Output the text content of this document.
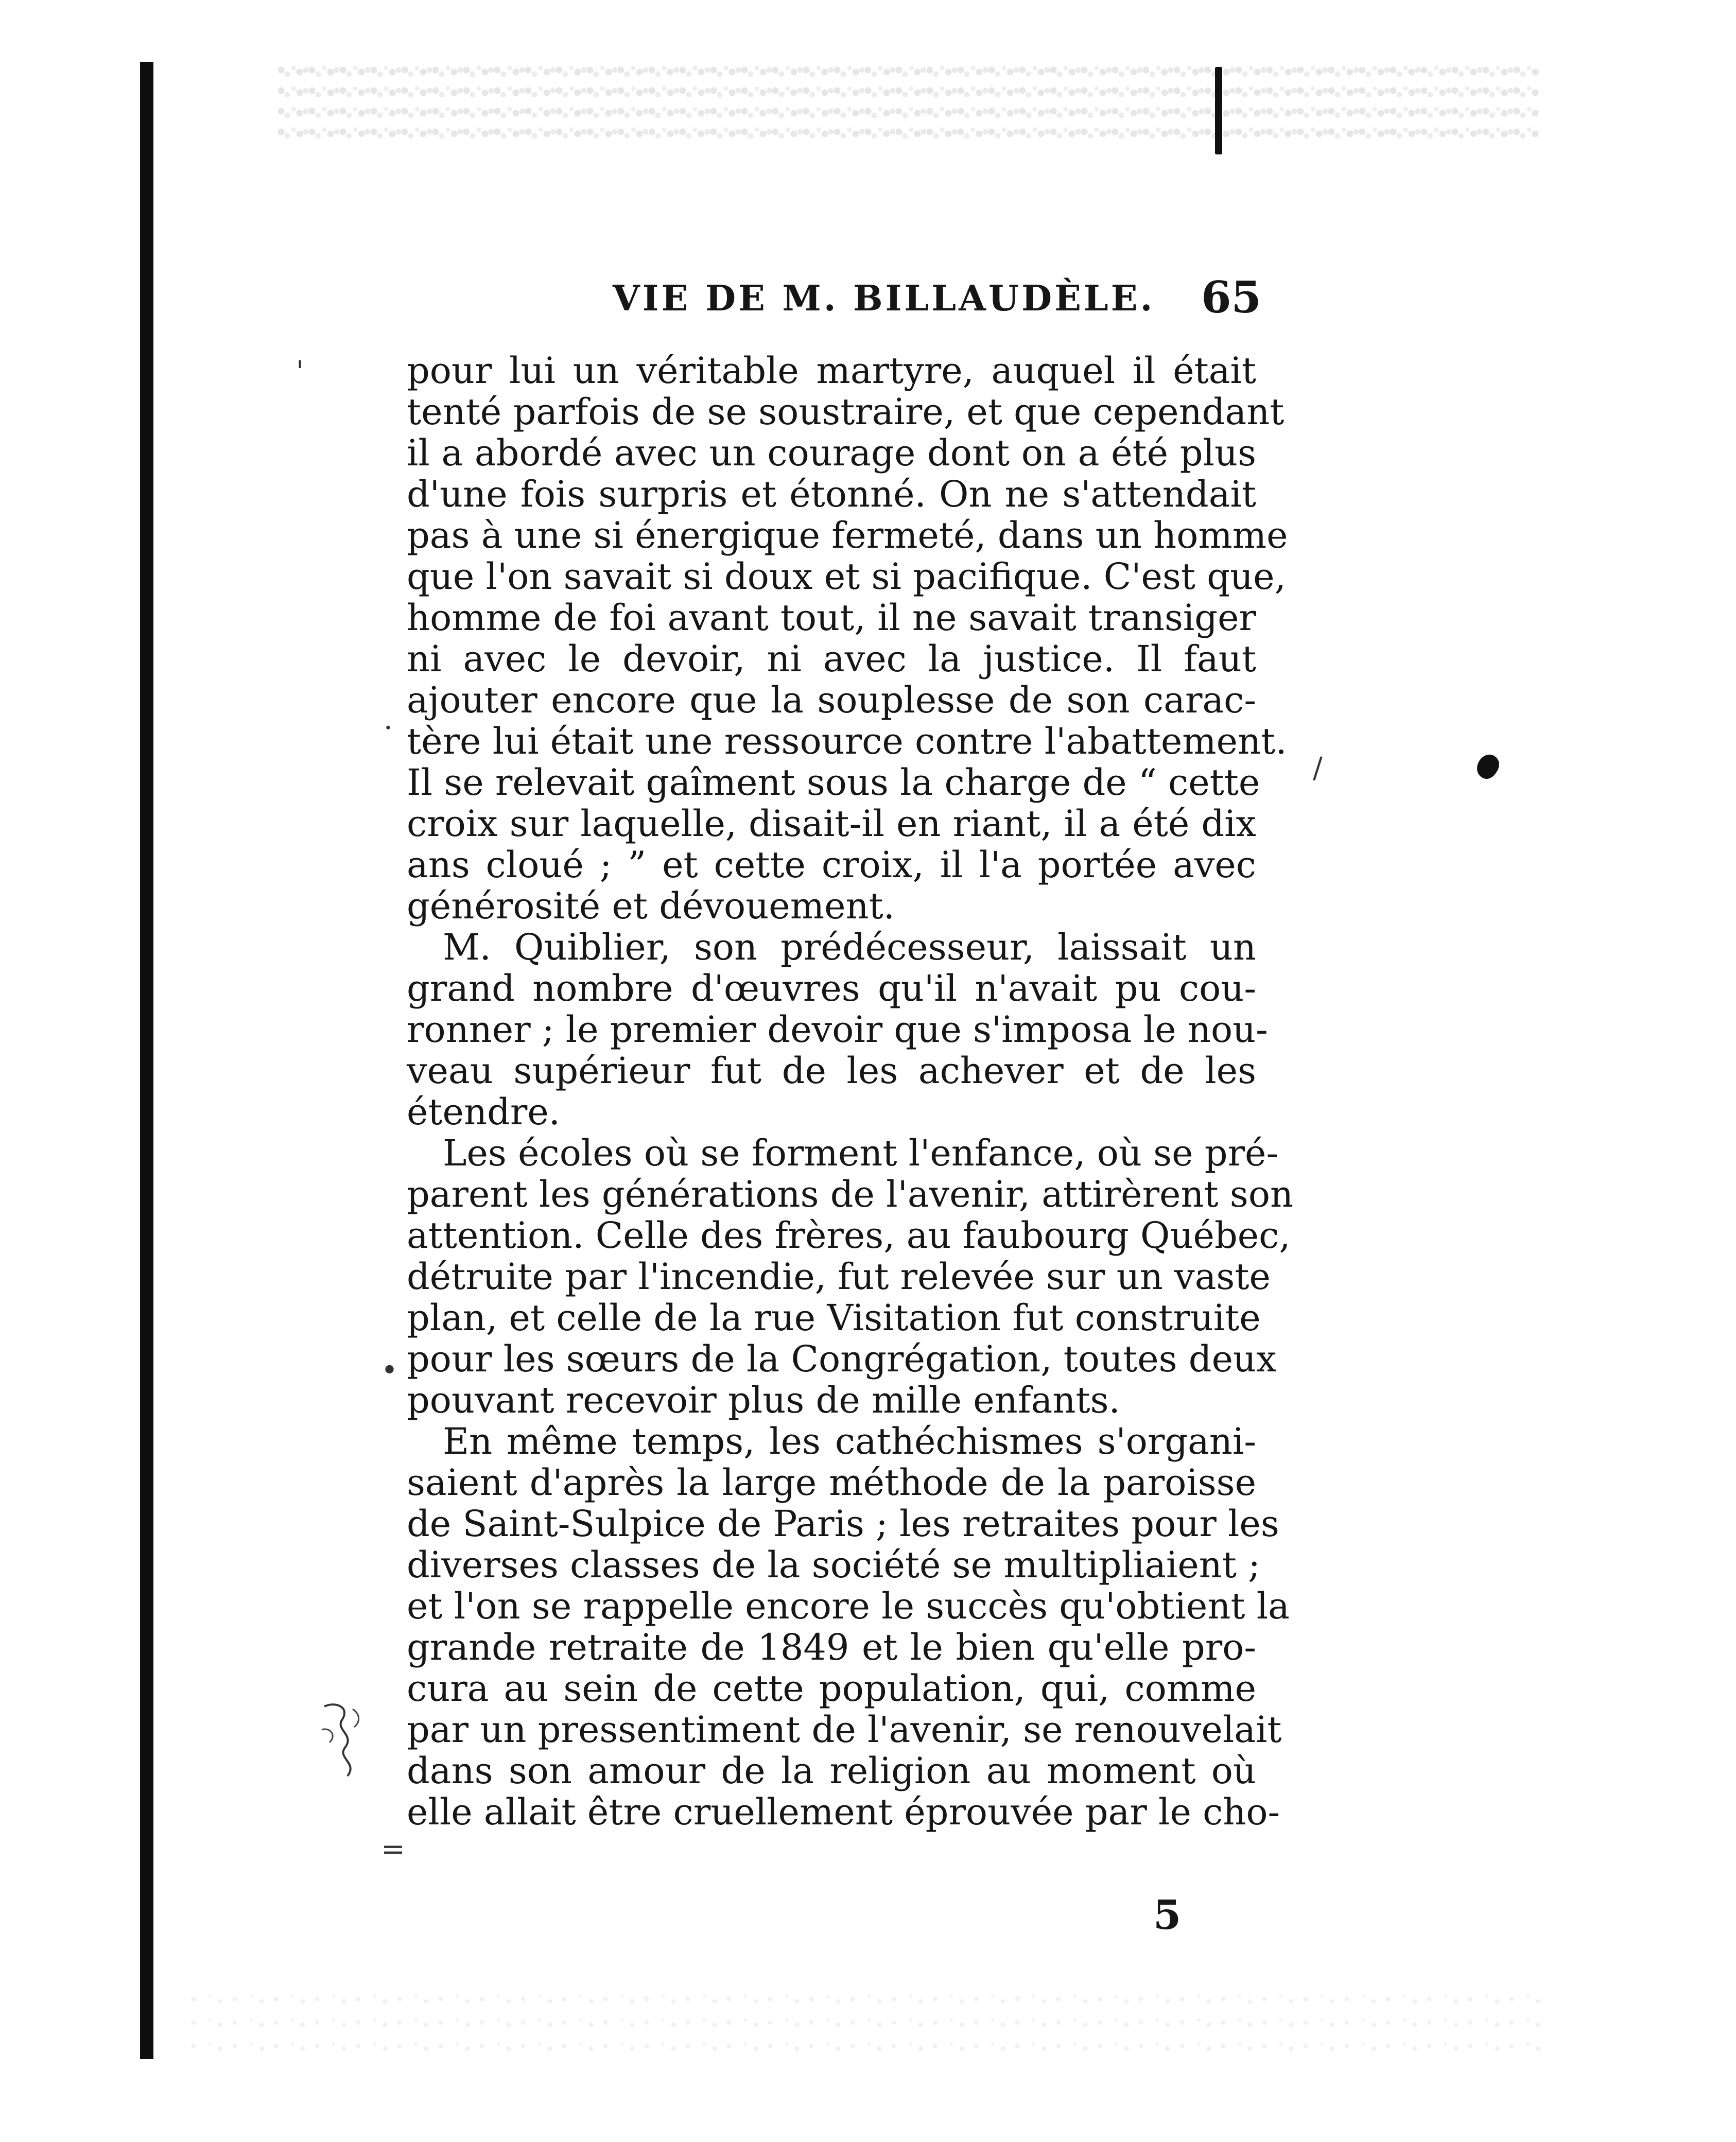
VIE DE M. BILLAUDÈLE. 65
pour lui un véritable martyre, auquel il était
tenté parfois de se soustraire, et que cependant
il a abordé avec un courage dont on a été plus
d'une fois surpris et étonné. On ne s'attendait
pas à une si énergique fermeté, dans un homme
que l'on savait si doux et si pacifique. C'est que,
homme de foi avant tout, il ne savait transiger
ni avec le devoir, ni avec la justice. Il faut
ajouter encore que la souplesse de son carac-
tère lui était une ressource contre l'abattement.
Il se relevait gaîment sous la charge de “ cette
croix sur laquelle, disait-il en riant, il a été dix
ans cloué ; ” et cette croix, il l'a portée avec
générosité et dévouement.
M. Quiblier, son prédécesseur, laissait un
grand nombre d'œuvres qu'il n'avait pu cou-
ronner ; le premier devoir que s'imposa le nou-
veau supérieur fut de les achever et de les
étendre.
Les écoles où se forment l'enfance, où se pré-
parent les générations de l'avenir, attirèrent son
attention. Celle des frères, au faubourg Québec,
détruite par l'incendie, fut relevée sur un vaste
plan, et celle de la rue Visitation fut construite
pour les sœurs de la Congrégation, toutes deux
pouvant recevoir plus de mille enfants.
En même temps, les cathéchismes s'organi-
saient d'après la large méthode de la paroisse
de Saint-Sulpice de Paris ; les retraites pour les
diverses classes de la société se multipliaient ;
et l'on se rappelle encore le succès qu'obtient la
grande retraite de 1849 et le bien qu'elle pro-
cura au sein de cette population, qui, comme
par un pressentiment de l'avenir, se renouvelait
dans son amour de la religion au moment où
elle allait être cruellement éprouvée par le cho-
5
'
.
•
=
/
